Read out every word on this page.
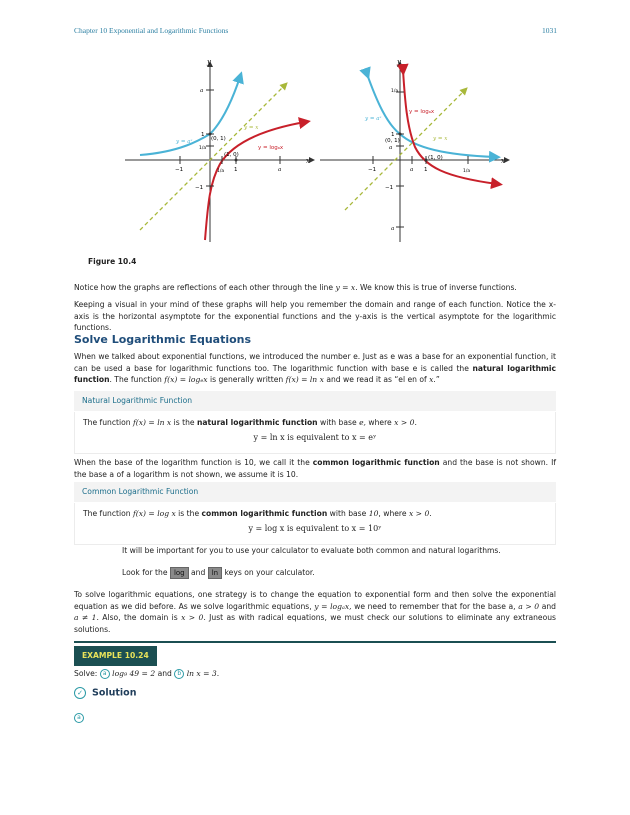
Chapter 10 Exponential and Logarithmic Functions	1031
y
x
a
1
1/a
−1
−1	1/a 1	a
y = aˣ
y = x
y = logₐx
(0, 1)
(1, 0)
y
x
1/a
1
a
−1
a
−1	a 1	1/a
y = aˣ
y = x
y = logₐx
(0, 1)
(1, 0)
Figure 10.4
Notice how the graphs are reflections of each other through the line y = x. We know this is true of inverse functions.
Keeping a visual in your mind of these graphs will help you remember the domain and range of each function. Notice the x-axis is the horizontal asymptote for the exponential functions and the y-axis is the vertical asymptote for the logarithmic functions.
Solve Logarithmic Equations
When we talked about exponential functions, we introduced the number e. Just as e was a base for an exponential function, it can be used a base for logarithmic functions too. The logarithmic function with base e is called the natural logarithmic function. The function f(x) = logₑx is generally written f(x) = ln x and we read it as “el en of x.”
Natural Logarithmic Function
The function f(x) = ln x is the natural logarithmic function with base e, where x > 0.
y = ln x is equivalent to x = eʸ
When the base of the logarithm function is 10, we call it the common logarithmic function and the base is not shown. If the base a of a logarithm is not shown, we assume it is 10.
Common Logarithmic Function
The function f(x) = log x is the common logarithmic function with base 10, where x > 0.
y = log x is equivalent to x = 10ʸ
It will be important for you to use your calculator to evaluate both common and natural logarithms.
Look for the log and ln keys on your calculator.
To solve logarithmic equations, one strategy is to change the equation to exponential form and then solve the exponential equation as we did before. As we solve logarithmic equations, y = logₐx, we need to remember that for the base a, a > 0 and a ≠ 1. Also, the domain is x > 0. Just as with radical equations, we must check our solutions to eliminate any extraneous solutions.
EXAMPLE 10.24
Solve: a log₉ 49 = 2 and b ln x = 3.
✓ Solution
a
